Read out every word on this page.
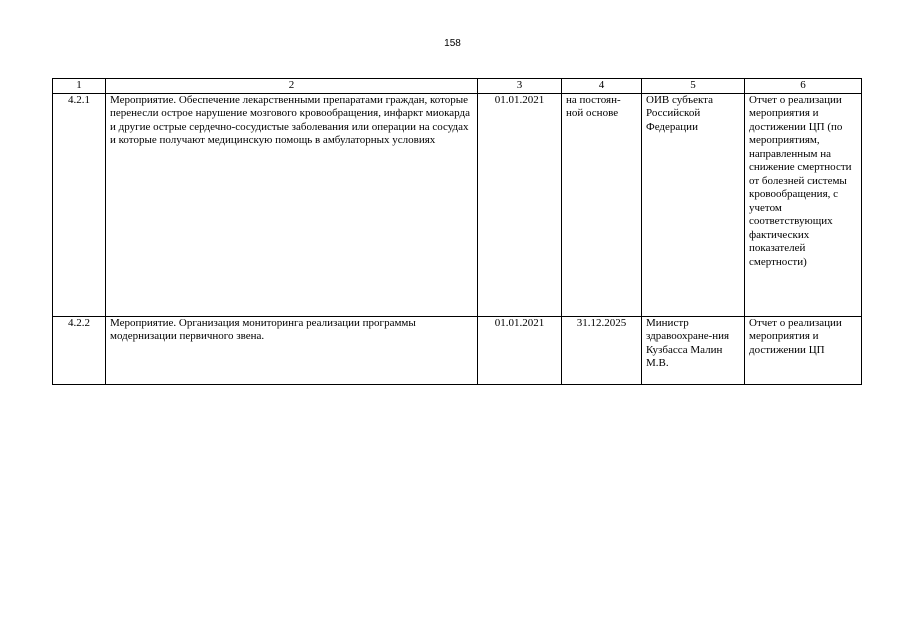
158
1	2	3	4	5	6
4.2.1	Мероприятие. Обеспечение лекарственными препаратами граждан, которые перенесли острое нарушение мозгового кровообращения, инфаркт миокарда и другие острые сердечно-сосудистые заболевания или операции на сосудах и которые получают медицинскую помощь в амбулаторных условиях	01.01.2021	на постоян-ной основе	ОИВ субъекта Российской Федерации	Отчет о реализации мероприятия и достижении ЦП (по мероприятиям, направленным на снижение смертности от болезней системы кровообращения, с учетом соответствующих фактических показателей смертности)
4.2.2	Мероприятие. Организация мониторинга реализации программы модернизации первичного звена.	01.01.2021	31.12.2025	Министр здравоохране-ния Кузбасса Малин М.В.	Отчет о реализации мероприятия и достижении ЦП
